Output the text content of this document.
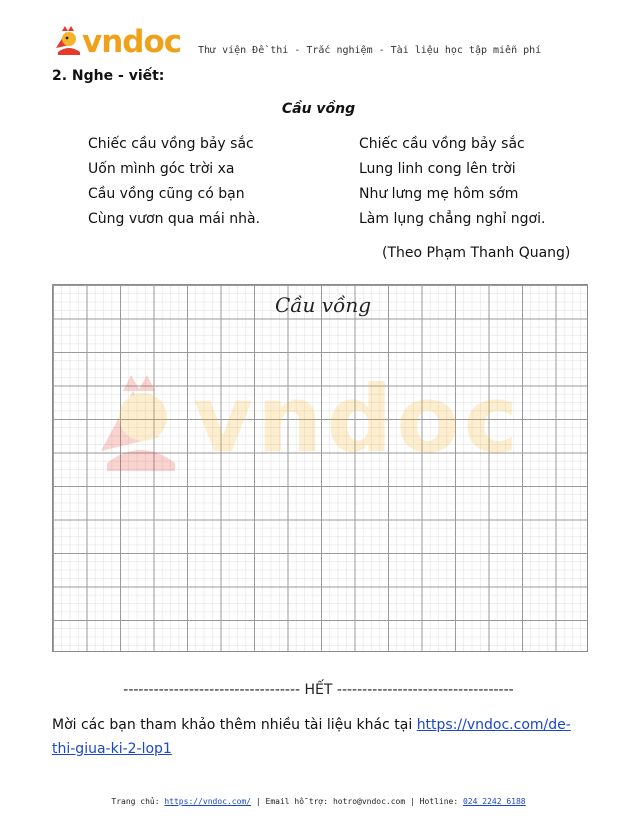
vndoc Thư viện Đề thi - Trắc nghiệm - Tài liệu học tập miễn phí
2. Nghe - viết:
Cầu vồng
Chiếc cầu vồng bảy sắc
Uốn mình góc trời xa
Cầu vồng cũng có bạn
Cùng vươn qua mái nhà.
Chiếc cầu vồng bảy sắc
Lung linh cong lên trời
Như lưng mẹ hôm sớm
Làm lụng chẳng nghỉ ngơi.
(Theo Phạm Thanh Quang)
vndoc
Cầu vồng
----------------------------------- HẾT -----------------------------------
Mời các bạn tham khảo thêm nhiều tài liệu khác tại https://vndoc.com/de-thi-giua-ki-2-lop1
Trang chủ: https://vndoc.com/ | Email hỗ trợ: hotro@vndoc.com | Hotline: 024 2242 6188
